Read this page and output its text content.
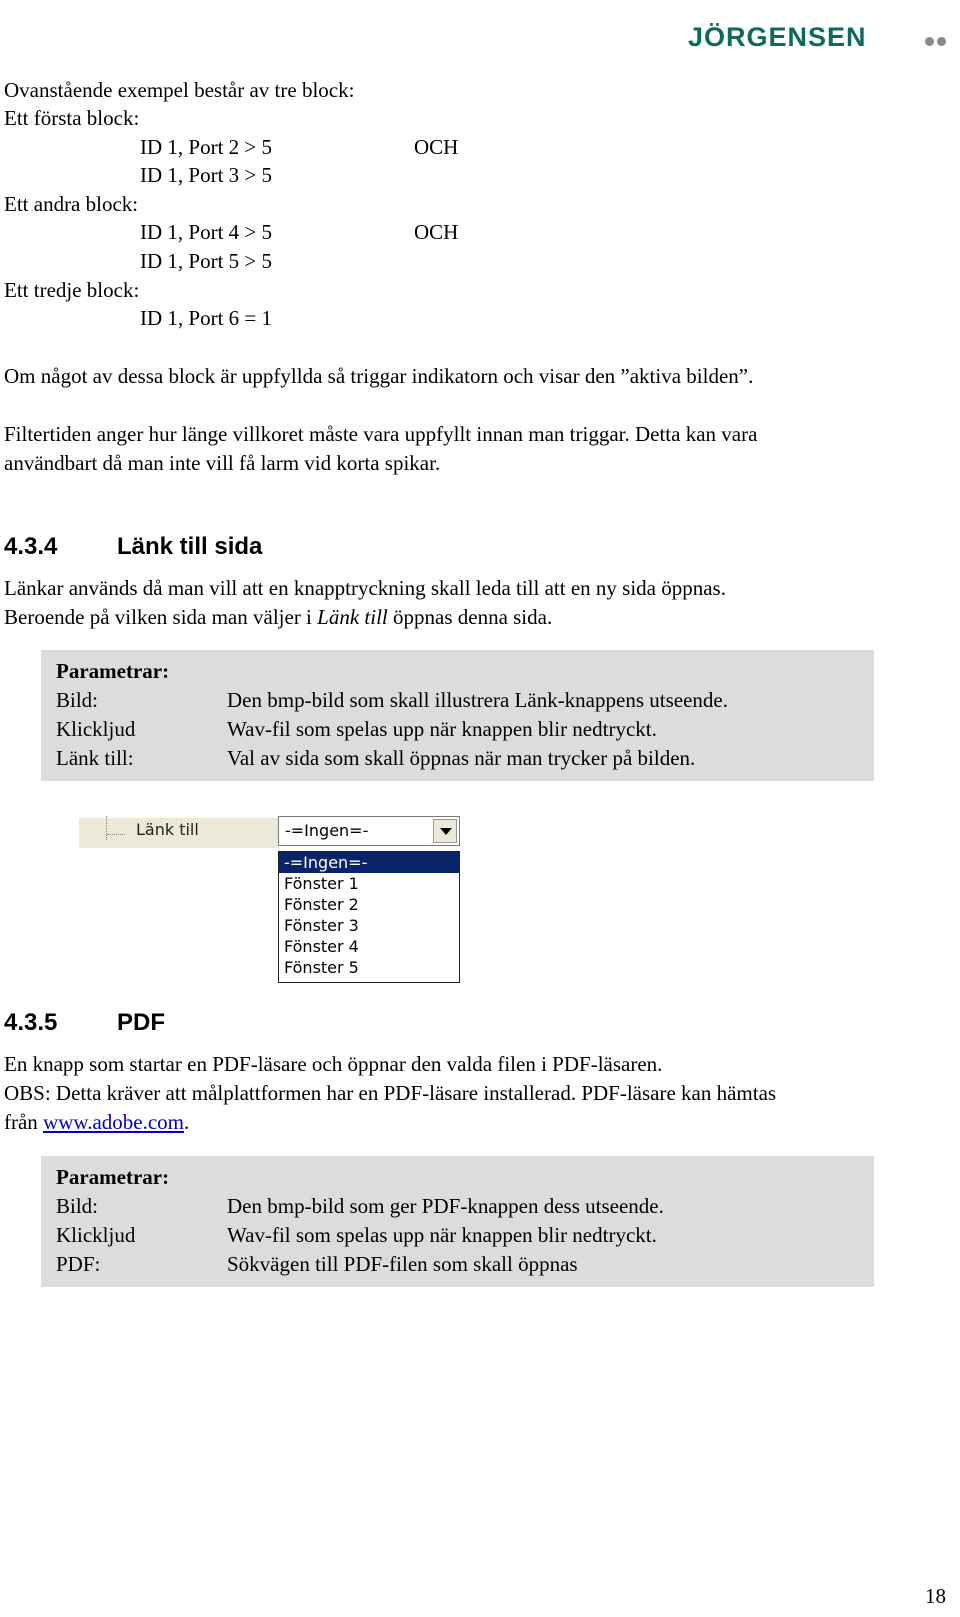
JÖRGENSEN
Ovanstående exempel består av tre block:
Ett första block:
ID 1, Port 2 > 5	OCH
ID 1, Port 3 > 5
Ett andra block:
ID 1, Port 4 > 5	OCH
ID 1, Port 5 > 5
Ett tredje block:
ID 1, Port 6 = 1
Om något av dessa block är uppfyllda så triggar indikatorn och visar den ”aktiva bilden”.
Filtertiden anger hur länge villkoret måste vara uppfyllt innan man triggar. Detta kan vara
användbart då man inte vill få larm vid korta spikar.
4.3.4 Länk till sida
Länkar används då man vill att en knapptryckning skall leda till att en ny sida öppnas.
Beroende på vilken sida man väljer i Länk till öppnas denna sida.
Parametrar:
Bild:	Den bmp-bild som skall illustrera Länk-knappens utseende.
Klickljud	Wav-fil som spelas upp när knappen blir nedtryckt.
Länk till:	Val av sida som skall öppnas när man trycker på bilden.
Länk till	-=Ingen=-
-=Ingen=-
Fönster 1
Fönster 2
Fönster 3
Fönster 4
Fönster 5
4.3.5 PDF
En knapp som startar en PDF-läsare och öppnar den valda filen i PDF-läsaren.
OBS: Detta kräver att målplattformen har en PDF-läsare installerad. PDF-läsare kan hämtas
från www.adobe.com.
Parametrar:
Bild:	Den bmp-bild som ger PDF-knappen dess utseende.
Klickljud	Wav-fil som spelas upp när knappen blir nedtryckt.
PDF:	Sökvägen till PDF-filen som skall öppnas
18
